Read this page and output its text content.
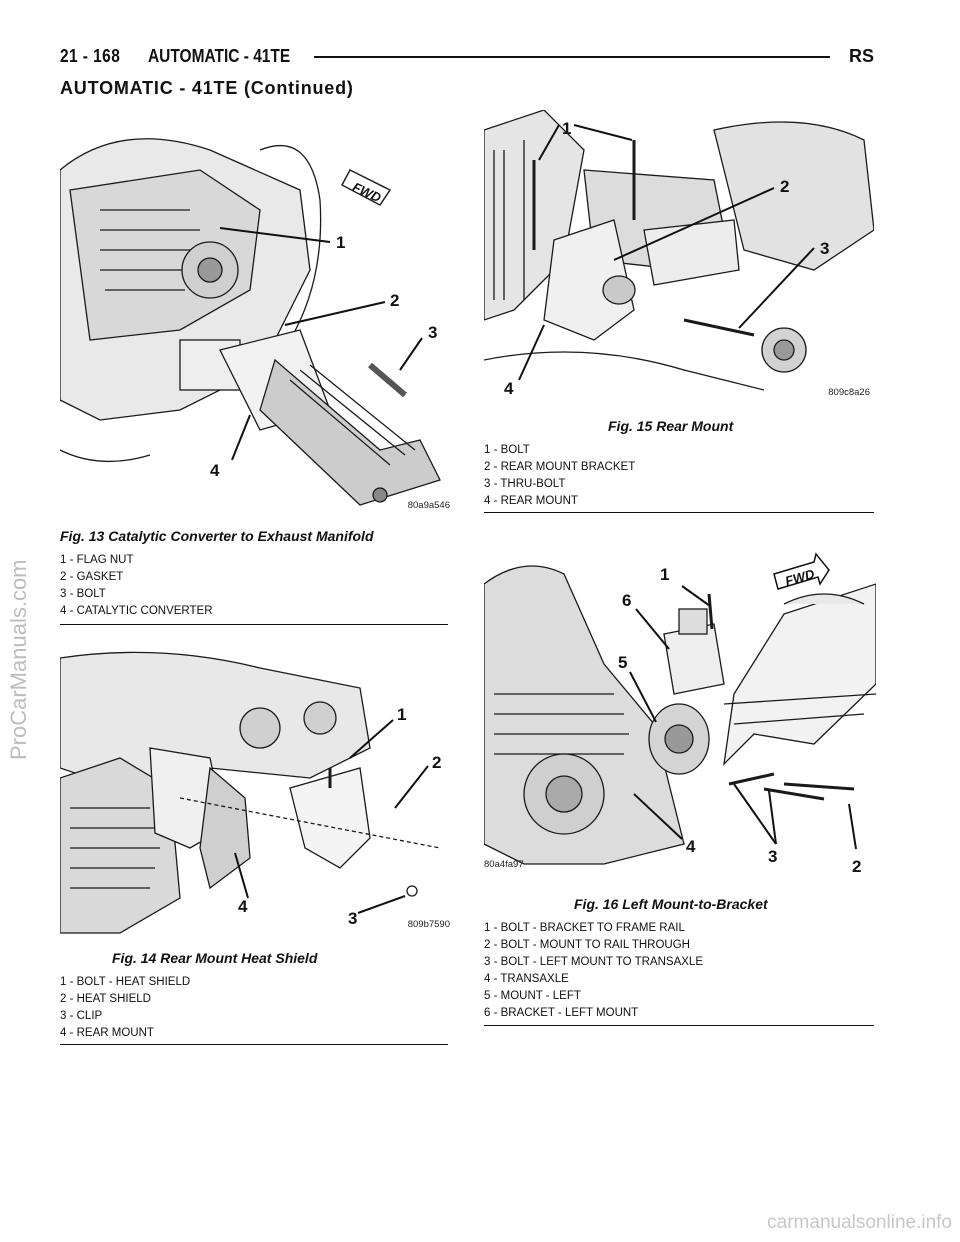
21 - 168 AUTOMATIC - 41TE	RS
AUTOMATIC - 41TE (Continued)
FWD
1
2
3
4
80a9a546
Fig. 13 Catalytic Converter to Exhaust Manifold
1 - FLAG NUT
2 - GASKET
3 - BOLT
4 - CATALYTIC CONVERTER
1
2
3
4
809b7590
Fig. 14 Rear Mount Heat Shield
1 - BOLT - HEAT SHIELD
2 - HEAT SHIELD
3 - CLIP
4 - REAR MOUNT
1
2
3
4	809c8a26
Fig. 15 Rear Mount
1 - BOLT
2 - REAR MOUNT BRACKET
3 - THRU-BOLT
4 - REAR MOUNT
FWD
1
2
3
4
5
6
80a4fa97
Fig. 16 Left Mount-to-Bracket
1 - BOLT - BRACKET TO FRAME RAIL
2 - BOLT - MOUNT TO RAIL THROUGH
3 - BOLT - LEFT MOUNT TO TRANSAXLE
4 - TRANSAXLE
5 - MOUNT - LEFT
6 - BRACKET - LEFT MOUNT
ProCarManuals.com
carmanualsonline.info
